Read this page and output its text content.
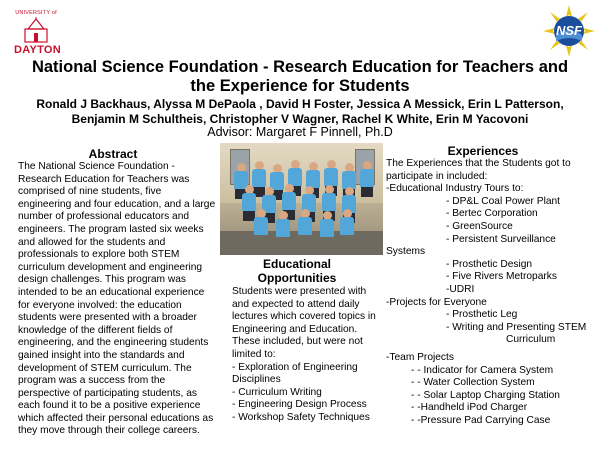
UNIVERSITY of
DAYTON
NSF
National Science Foundation - Research Education for Teachers and the Experience for Students
Ronald J Backhaus, Alyssa M DePaola , David H Foster, Jessica A Messick, Erin L Patterson, Benjamin M Schultheis, Christopher V Wagner, Rachel K White, Erin M Yacovoni
Advisor: Margaret F Pinnell, Ph.D
Abstract
The National Science Foundation - Research Education for Teachers was comprised of nine students, five engineering and four education, and a large number of professional educators and engineers. The program lasted six weeks and allowed for the students and professionals to explore both STEM curriculum development and engineering design challenges. This program was intended to be an educational experience for everyone involved: the education students were presented with a broader knowledge of the different fields of engineering, and the engineering students gained insight into the standards and development of STEM curriculum. The program was a success from the perspective of participating students, as each found it to be a positive experience which affected their personal educations as they move through their college careers.
Educational Opportunities
Students were presented with and expected to attend daily lectures which covered topics in Engineering and Education. These included, but were not limited to:
- Exploration of Engineering Disciplines
- Curriculum Writing
- Engineering Design Process
- Workshop Safety Techniques
Experiences
The Experiences that the Students got to participate in included:
-Educational Industry Tours to:
- DP&L Coal Power Plant
- Bertec Corporation
- GreenSource
- Persistent Surveillance
Systems
- Prosthetic Design
- Five Rivers Metroparks
-UDRI
-Projects for Everyone
- Prosthetic Leg
- Writing and Presenting STEM
Curriculum
-Team Projects
- - Indicator for Camera System
- - Water Collection System
- - Solar Laptop Charging Station
- -Handheld iPod Charger
- -Pressure Pad Carrying Case
